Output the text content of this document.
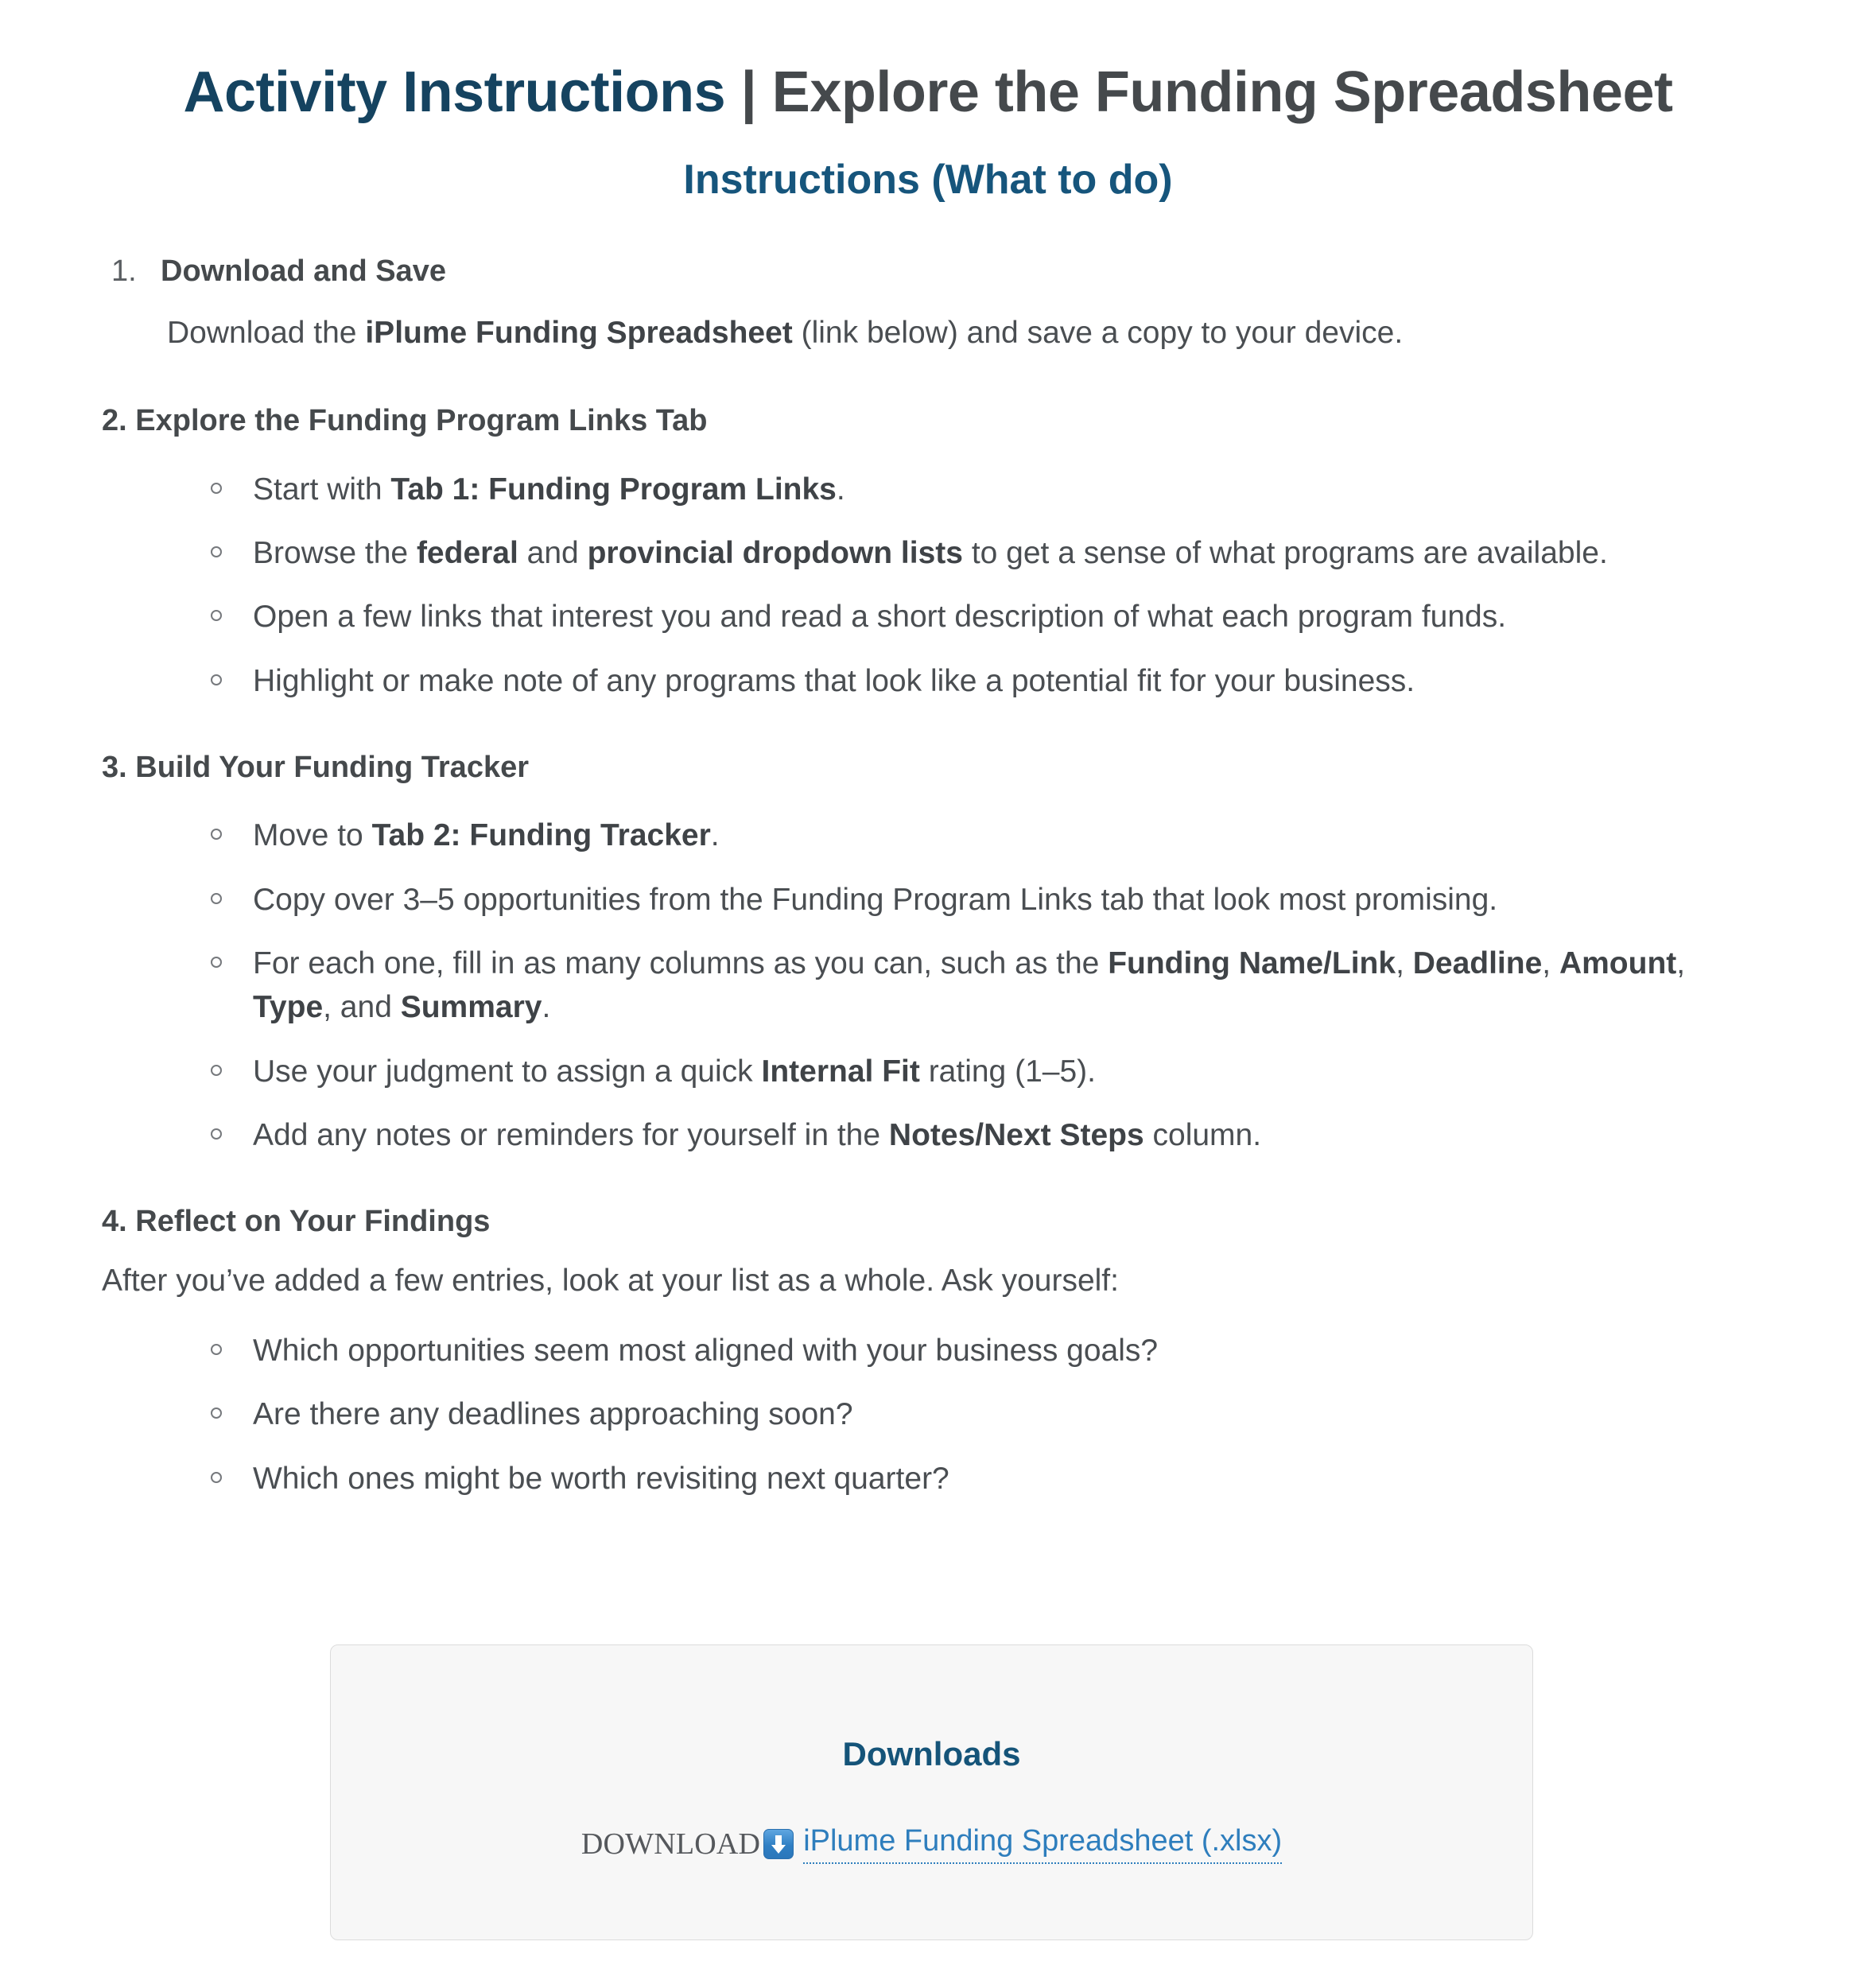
Activity Instructions | Explore the Funding Spreadsheet
Instructions (What to do)
1. Download and Save
Download the iPlume Funding Spreadsheet (link below) and save a copy to your device.
2. Explore the Funding Program Links Tab
Start with Tab 1: Funding Program Links.
Browse the federal and provincial dropdown lists to get a sense of what programs are available.
Open a few links that interest you and read a short description of what each program funds.
Highlight or make note of any programs that look like a potential fit for your business.
3. Build Your Funding Tracker
Move to Tab 2: Funding Tracker.
Copy over 3–5 opportunities from the Funding Program Links tab that look most promising.
For each one, fill in as many columns as you can, such as the Funding Name/Link, Deadline, Amount, Type, and Summary.
Use your judgment to assign a quick Internal Fit rating (1–5).
Add any notes or reminders for yourself in the Notes/Next Steps column.
4. Reflect on Your Findings

After you’ve added a few entries, look at your list as a whole. Ask yourself:

Which opportunities seem most aligned with your business goals?
Are there any deadlines approaching soon?
Which ones might be worth revisiting next quarter?
Downloads
DOWNLOAD iPlume Funding Spreadsheet (.xlsx)
